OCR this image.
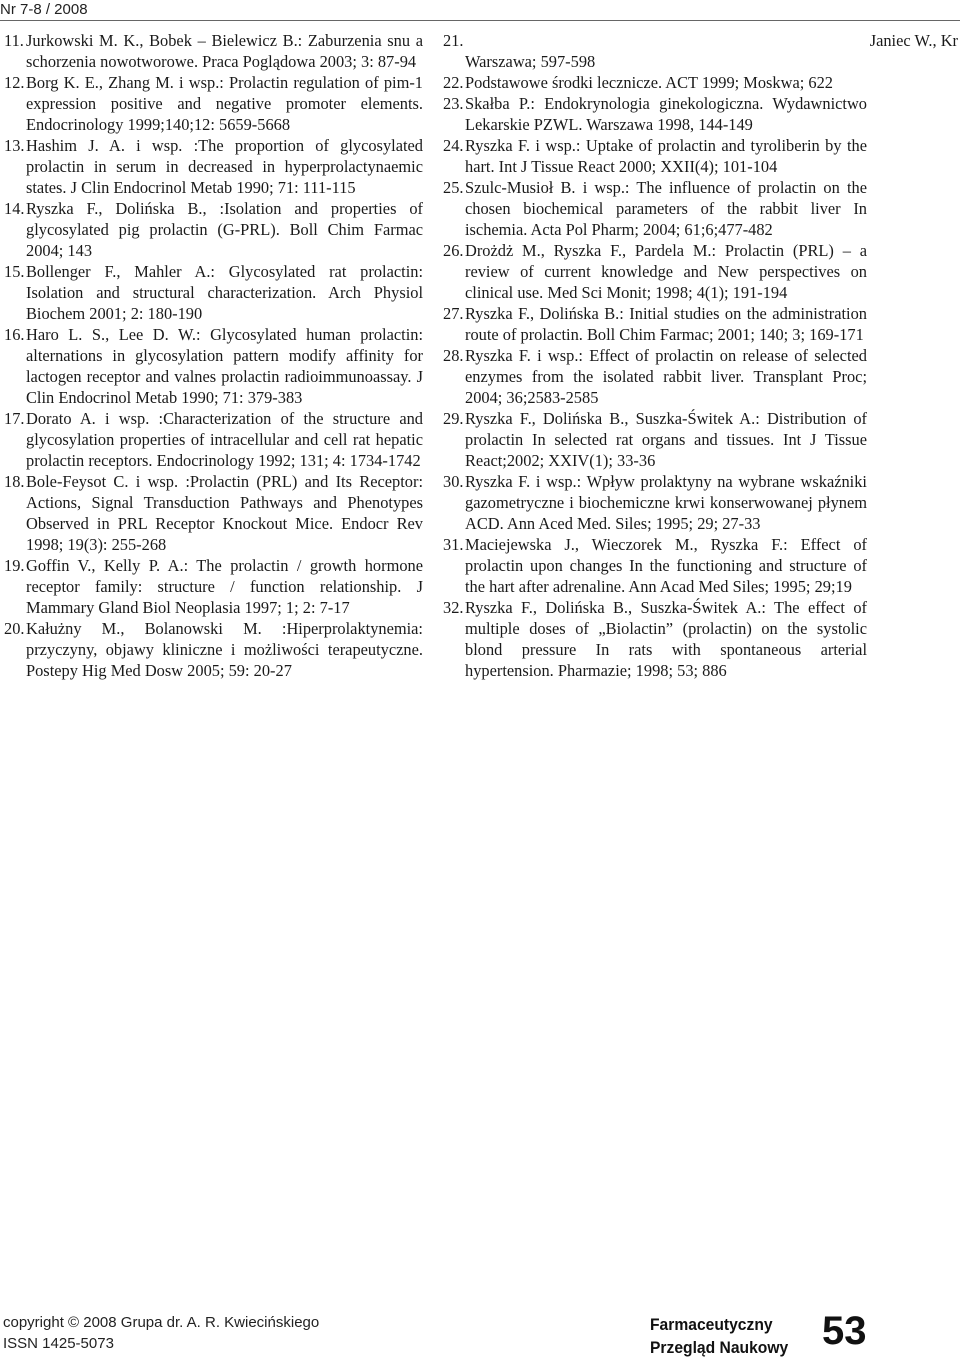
Nr 7-8 / 2008
Janiec W., Kr

11. Jurkowski M. K., Bobek – Bielewicz B.: Zaburzenia snu a schorzenia nowotworowe. Praca Poglądowa 2003; 3: 87-94

12. Borg K. E., Zhang M. i wsp.: Prolactin regulation of pim-1 expression positive and negative promoter elements. Endocrinology 1999;140;12: 5659-5668

13. Hashim J. A. i wsp. :The proportion of glycosylated prolactin in serum in decreased in hyperprolactynaemic states. J Clin Endocrinol Metab 1990; 71: 111-115

14. Ryszka F., Dolińska B., :Isolation and properties of glycosylated pig prolactin (G-PRL). Boll Chim Farmac 2004; 143

15. Bollenger F., Mahler A.: Glycosylated rat prolactin: Isolation and structural characterization. Arch Physiol Biochem 2001; 2: 180-190

16. Haro L. S., Lee D. W.: Glycosylated human prolactin: alternations in glycosylation pattern modify affinity for lactogen receptor and valnes prolactin radioimmunoassay. J Clin Endocrinol Metab 1990; 71: 379-383

17. Dorato A. i wsp. :Characterization of the structure and glycosylation properties of intracellular and cell rat hepatic prolactin receptors. Endocrinology 1992; 131; 4: 1734-1742

18. Bole-Feysot C. i wsp. :Prolactin (PRL) and Its Receptor: Actions, Signal Transduction Pathways and Phenotypes Observed in PRL Receptor Knockout Mice. Endocr Rev 1998; 19(3): 255-268

19. Goffin V., Kelly P. A.: The prolactin / growth hormone receptor family: structure / function relationship. J Mammary Gland Biol Neoplasia 1997; 1; 2: 7-17

20. Kałużny M., Bolanowski M. :Hiperprolaktynemia: przyczyny, objawy kliniczne i możliwości terapeutyczne. Postepy Hig Med Dosw 2005; 59: 20-27

21.

Warszawa; 597-598

22. Podstawowe środki lecznicze. ACT 1999; Moskwa; 622

23. Skałba P.: Endokrynologia ginekologiczna. Wydawnictwo Lekarskie PZWL. Warszawa 1998, 144-149

24. Ryszka F. i wsp.: Uptake of prolactin and tyroliberin by the hart. Int J Tissue React 2000; XXII(4); 101-104

25. Szulc-Musioł B. i wsp.: The influence of prolactin on the chosen biochemical parameters of the rabbit liver In ischemia. Acta Pol Pharm; 2004; 61;6;477-482

26. Drożdż M., Ryszka F., Pardela M.: Prolactin (PRL) – a review of current knowledge and New perspectives on clinical use. Med Sci Monit; 1998; 4(1); 191-194

27. Ryszka F., Dolińska B.: Initial studies on the administration route of prolactin. Boll Chim Farmac; 2001; 140; 3; 169-171

28. Ryszka F. i wsp.: Effect of prolactin on release of selected enzymes from the isolated rabbit liver. Transplant Proc; 2004; 36;2583-2585

29. Ryszka F., Dolińska B., Suszka-Świtek A.: Distribution of prolactin In selected rat organs and tissues. Int J Tissue React;2002; XXIV(1); 33-36

30. Ryszka F. i wsp.: Wpływ prolaktyny na wybrane wskaźniki gazometryczne i biochemiczne krwi konserwowanej płynem ACD. Ann Aced Med. Siles; 1995; 29; 27-33

31. Maciejewska J., Wieczorek M., Ryszka F.: Effect of prolactin upon changes In the functioning and structure of the hart after adrenaline. Ann Acad Med Siles; 1995; 29;19

32. Ryszka F., Dolińska B., Suszka-Świtek A.: The effect of multiple doses of „Biolactin” (prolactin) on the systolic blond pressure In rats with spontaneous arterial hypertension. Pharmazie; 1998; 53; 886

copyright © 2008 Grupa dr. A. R. Kwiecińskiego
ISSN 1425-5073
Farmaceutyczny
Przegląd Naukowy 53
